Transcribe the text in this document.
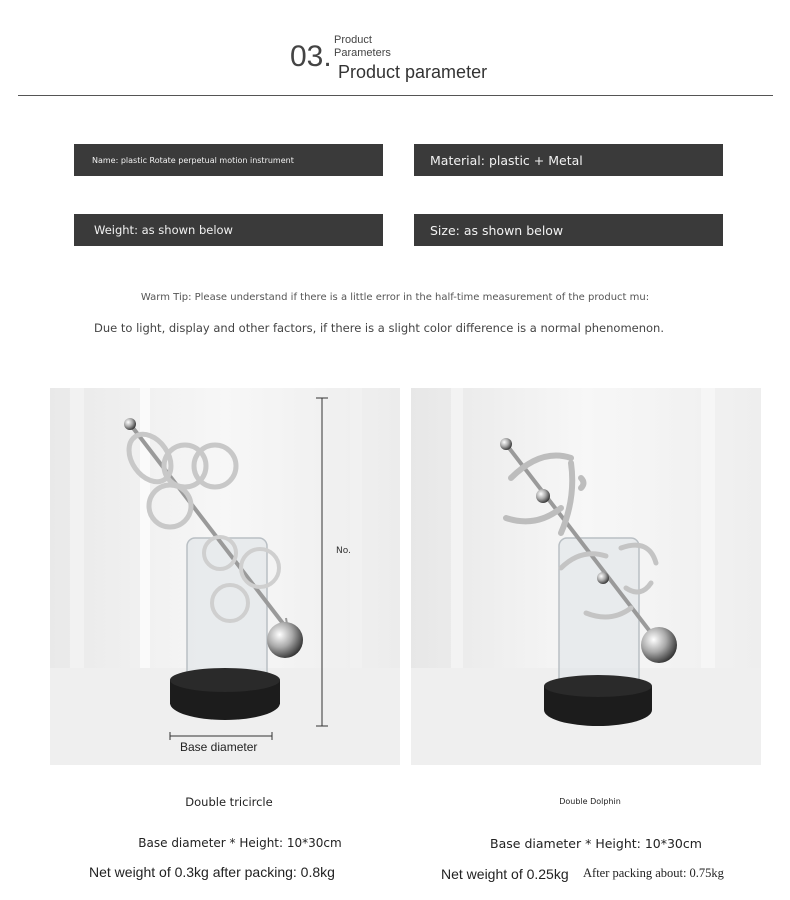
03. Product
Parameters
Product parameter
Name: plastic Rotate perpetual motion instrument	Material: plastic + Metal
Weight: as shown below	Size: as shown below
Warm Tip: Please understand if there is a little error in the half-time measurement of the product mu:
Due to light, display and other factors, if there is a slight color difference is a normal phenomenon.
No.
Base diameter
Double tricircle	Double Dolphin
Base diameter * Height: 10*30cm	Base diameter * Height: 10*30cm
Net weight of 0.3kg after packing: 0.8kg	Net weight of 0.25kg After packing about: 0.75kg
